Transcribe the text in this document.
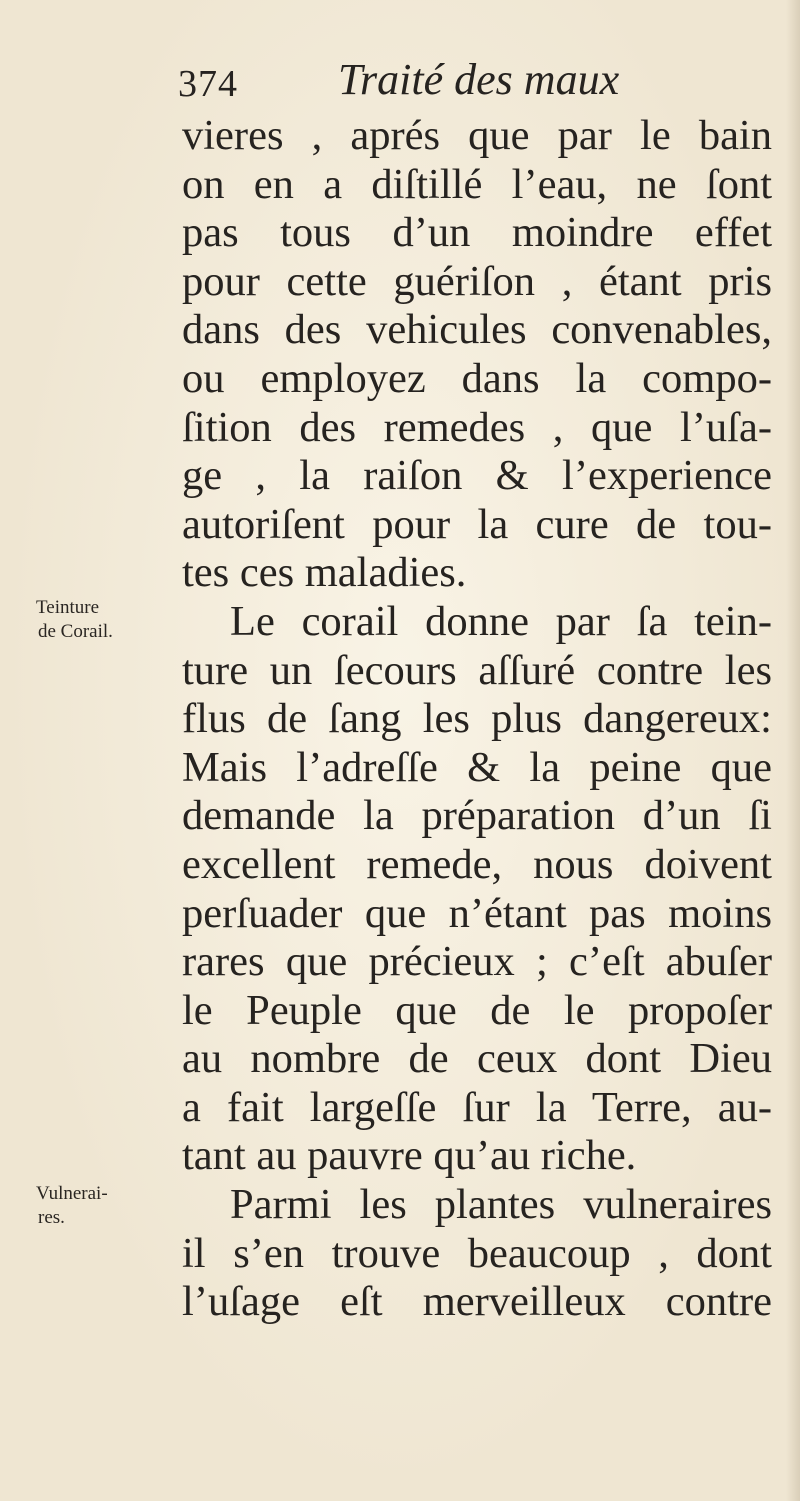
374 Traité des maux
Teinture
de Corail.
Vulnerai-
res.
vieres , aprés que par le bain
on en a diſtillé l’eau, ne ſont
pas tous d’un moindre effet
pour cette guériſon , étant pris
dans des vehicules convenables,
ou employez dans la compo-
ſition des remedes , que l’uſa-
ge , la raiſon & l’experience
autoriſent pour la cure de tou-
tes ces maladies.
Le corail donne par ſa tein-
ture un ſecours aſſuré contre les
flus de ſang les plus dangereux:
Mais l’adreſſe & la peine que
demande la préparation d’un ſi
excellent remede, nous doivent
perſuader que n’étant pas moins
rares que précieux ; c’eſt abuſer
le Peuple que de le propoſer
au nombre de ceux dont Dieu
a fait largeſſe ſur la Terre, au-
tant au pauvre qu’au riche.
Parmi les plantes vulneraires
il s’en trouve beaucoup , dont
l’uſage eſt merveilleux contre
